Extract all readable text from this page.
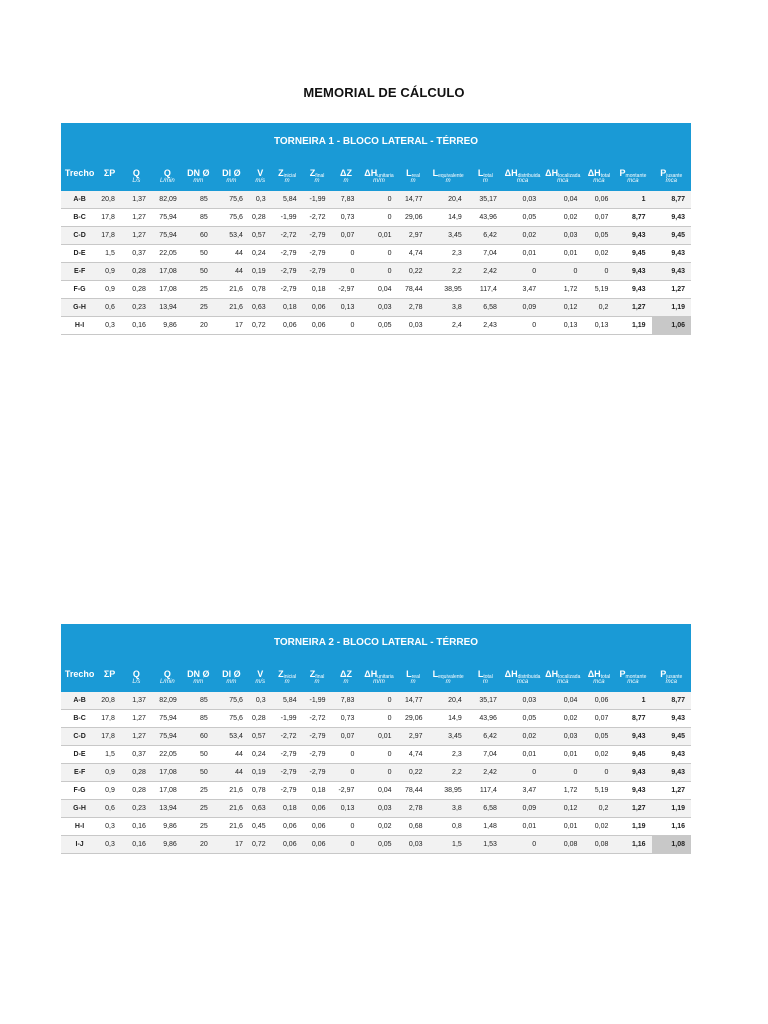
MEMORIAL DE CÁLCULO
TORNEIRA 1 - BLOCO LATERAL - TÉRREO
Trecho	ΣP	Q	Q	DN Ø	DI Ø	V	$Z_{inicial}$	$Z_{final}$	ΔZ	$\Delta H_{unitaria}$	$L_{real}$	$L_{equivalente}$	$L_{total}$	$\Delta H_{distribuida}$	$\Delta H_{localizada}$	$\Delta H_{total}$	$P_{montante}$	$P_{jusante}$
		L/s	L/min	mm	mm	m/s	m	m	m	m/m	m	m	m	mca	mca	mca	mca	mca
A-B	20,8	1,37	82,09	85	75,6	0,3	5,84	-1,99	7,83	0	14,77	20,4	35,17	0,03	0,04	0,06	1	8,77
B-C	17,8	1,27	75,94	85	75,6	0,28	-1,99	-2,72	0,73	0	29,06	14,9	43,96	0,05	0,02	0,07	8,77	9,43
C-D	17,8	1,27	75,94	60	53,4	0,57	-2,72	-2,79	0,07	0,01	2,97	3,45	6,42	0,02	0,03	0,05	9,43	9,45
D-E	1,5	0,37	22,05	50	44	0,24	-2,79	-2,79	0	0	4,74	2,3	7,04	0,01	0,01	0,02	9,45	9,43
E-F	0,9	0,28	17,08	50	44	0,19	-2,79	-2,79	0	0	0,22	2,2	2,42	0	0	0	9,43	9,43
F-G	0,9	0,28	17,08	25	21,6	0,78	-2,79	0,18	-2,97	0,04	78,44	38,95	117,4	3,47	1,72	5,19	9,43	1,27
G-H	0,6	0,23	13,94	25	21,6	0,63	0,18	0,06	0,13	0,03	2,78	3,8	6,58	0,09	0,12	0,2	1,27	1,19
H-I	0,3	0,16	9,86	20	17	0,72	0,06	0,06	0	0,05	0,03	2,4	2,43	0	0,13	0,13	1,19	1,06
TORNEIRA 2 - BLOCO LATERAL - TÉRREO
Trecho	ΣP	Q	Q	DN Ø	DI Ø	V	$Z_{inicial}$	$Z_{final}$	ΔZ	$\Delta H_{unitaria}$	$L_{real}$	$L_{equivalente}$	$L_{total}$	$\Delta H_{distribuida}$	$\Delta H_{localizada}$	$\Delta H_{total}$	$P_{montante}$	$P_{jusante}$
		L/s	L/min	mm	mm	m/s	m	m	m	m/m	m	m	m	mca	mca	mca	mca	mca
A-B	20,8	1,37	82,09	85	75,6	0,3	5,84	-1,99	7,83	0	14,77	20,4	35,17	0,03	0,04	0,06	1	8,77
B-C	17,8	1,27	75,94	85	75,6	0,28	-1,99	-2,72	0,73	0	29,06	14,9	43,96	0,05	0,02	0,07	8,77	9,43
C-D	17,8	1,27	75,94	60	53,4	0,57	-2,72	-2,79	0,07	0,01	2,97	3,45	6,42	0,02	0,03	0,05	9,43	9,45
D-E	1,5	0,37	22,05	50	44	0,24	-2,79	-2,79	0	0	4,74	2,3	7,04	0,01	0,01	0,02	9,45	9,43
E-F	0,9	0,28	17,08	50	44	0,19	-2,79	-2,79	0	0	0,22	2,2	2,42	0	0	0	9,43	9,43
F-G	0,9	0,28	17,08	25	21,6	0,78	-2,79	0,18	-2,97	0,04	78,44	38,95	117,4	3,47	1,72	5,19	9,43	1,27
G-H	0,6	0,23	13,94	25	21,6	0,63	0,18	0,06	0,13	0,03	2,78	3,8	6,58	0,09	0,12	0,2	1,27	1,19
H-I	0,3	0,16	9,86	25	21,6	0,45	0,06	0,06	0	0,02	0,68	0,8	1,48	0,01	0,01	0,02	1,19	1,16
I-J	0,3	0,16	9,86	20	17	0,72	0,06	0,06	0	0,05	0,03	1,5	1,53	0	0,08	0,08	1,16	1,08
